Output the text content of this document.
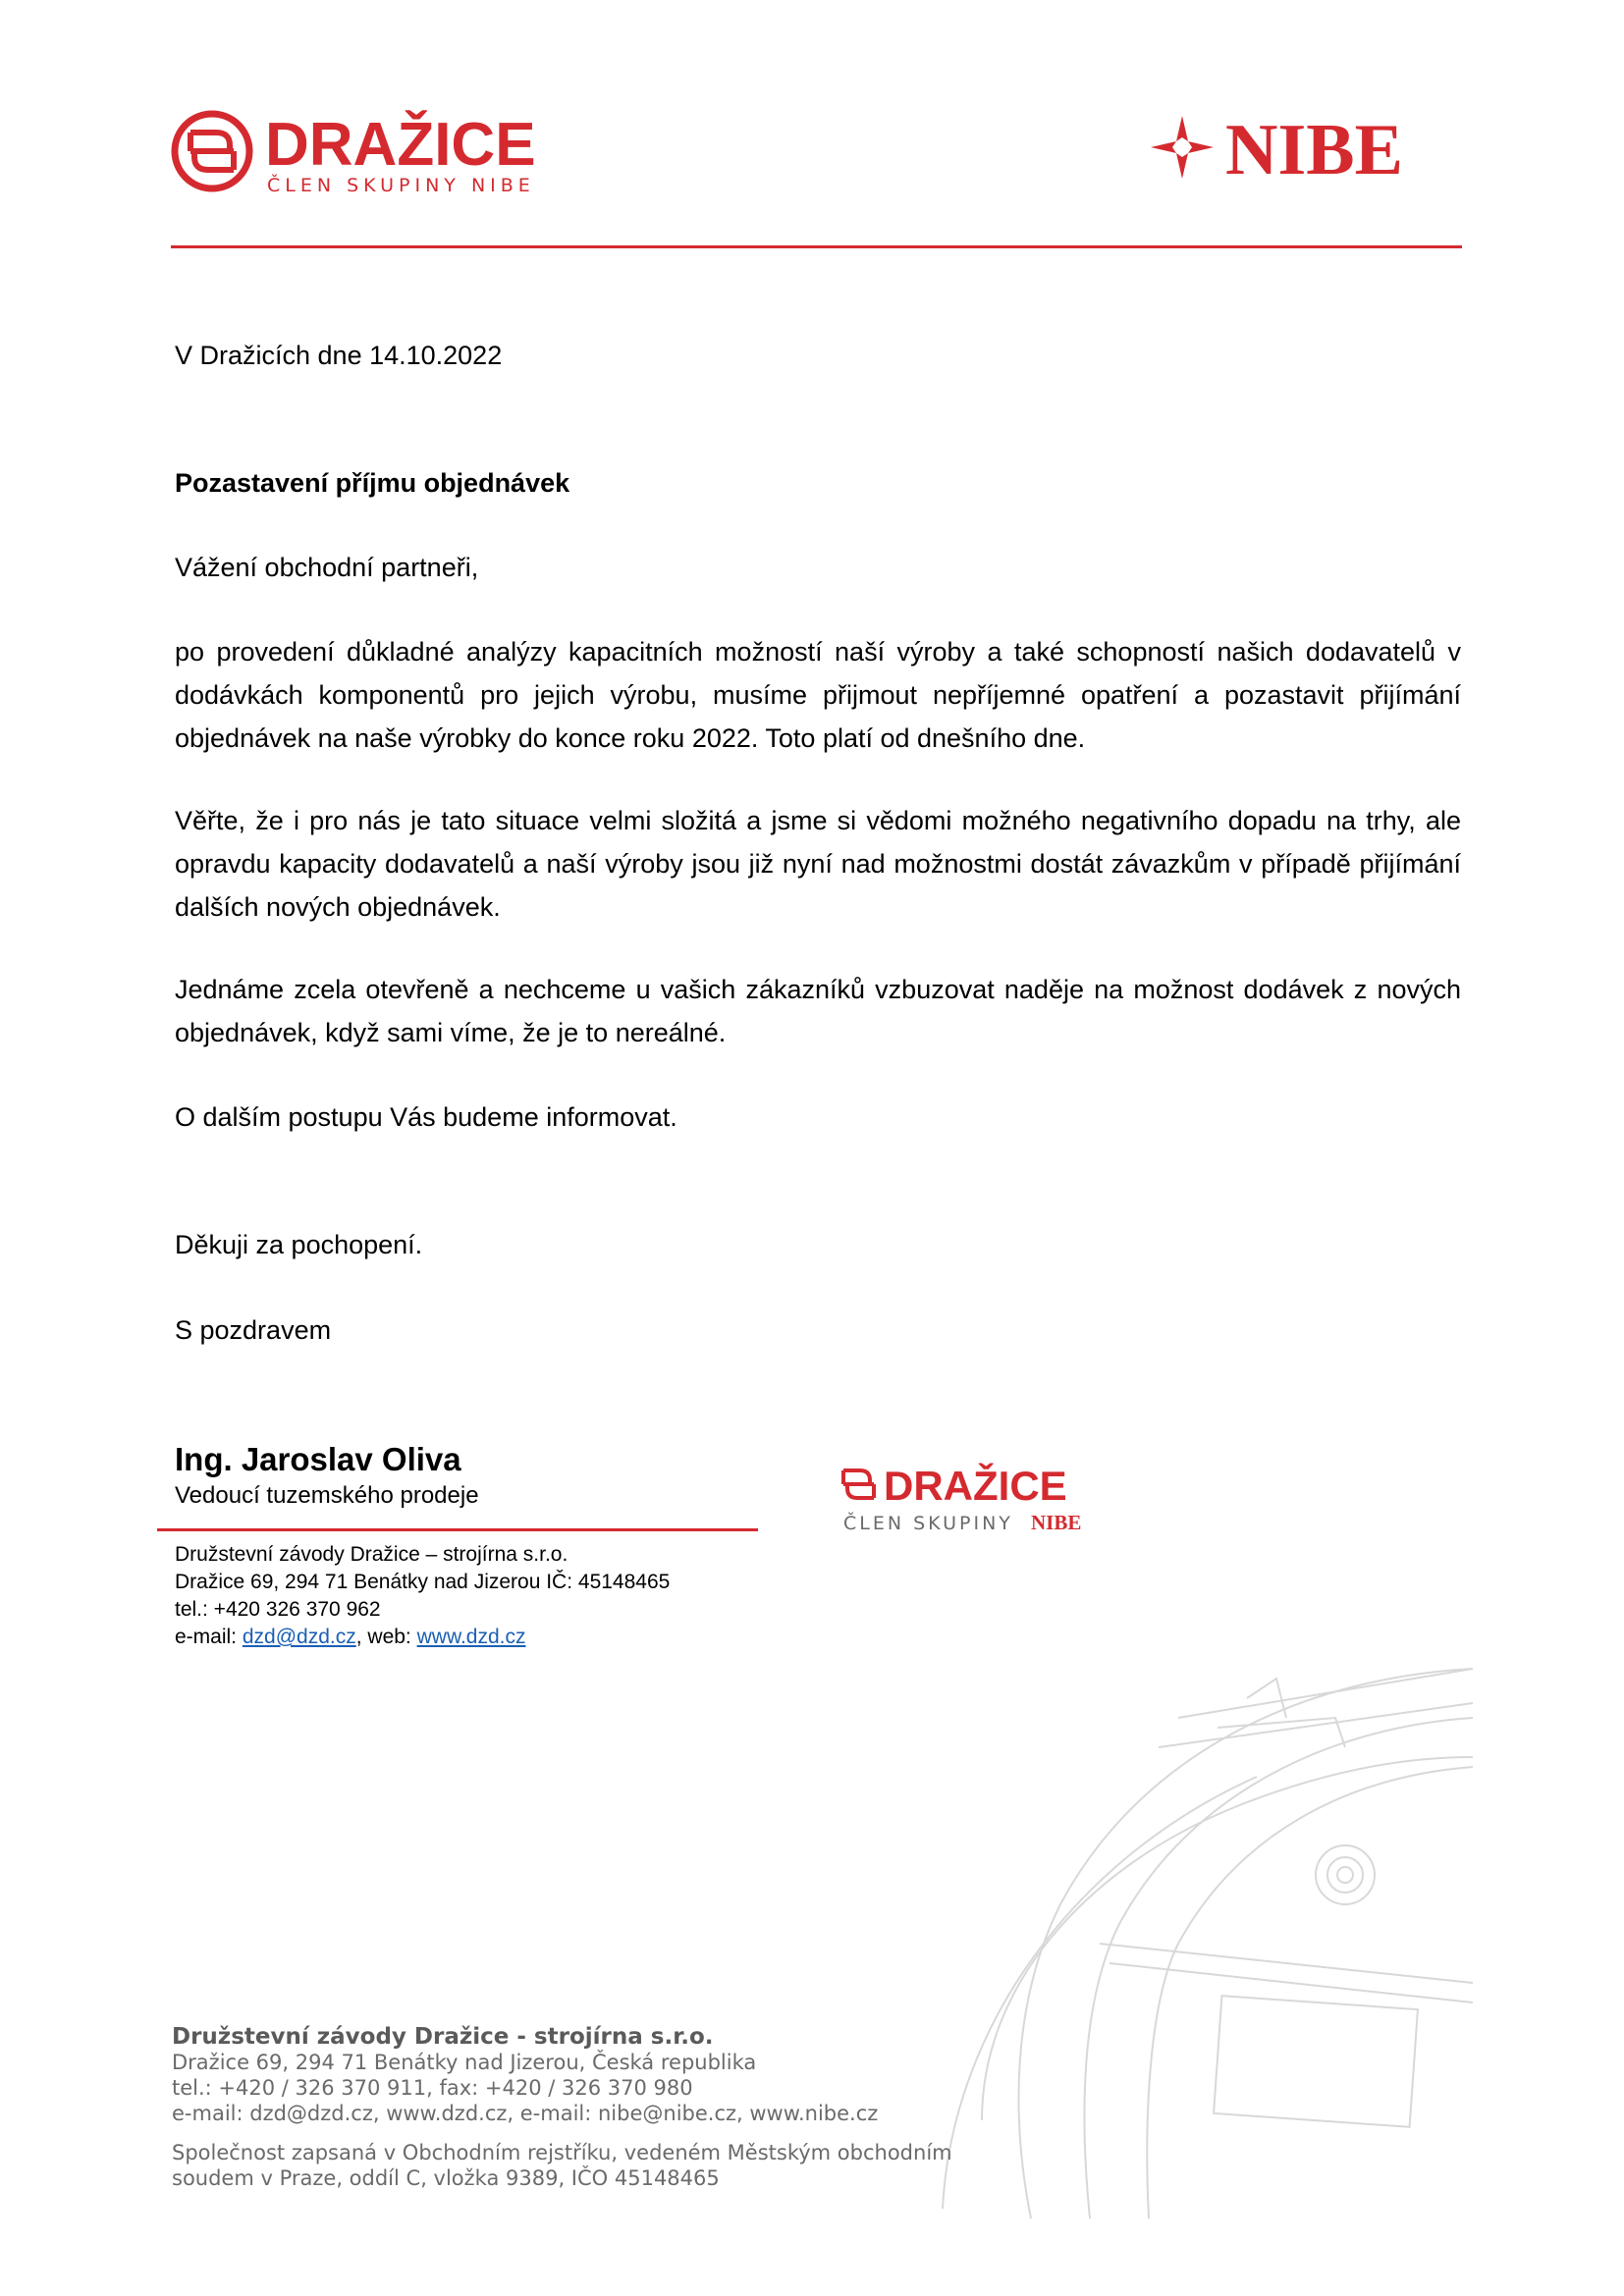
DRAŽICE
ČLEN SKUPINY NIBE	NIBE
V Dražicích dne 14.10.2022
Pozastavení příjmu objednávek
Vážení obchodní partneři,
po provedení důkladné analýzy kapacitních možností naší výroby a také schopností našich dodavatelů v dodávkách komponentů pro jejich výrobu, musíme přijmout nepříjemné opatření a pozastavit přijímání objednávek na naše výrobky do konce roku 2022. Toto platí od dnešního dne.
Věřte, že i pro nás je tato situace velmi složitá a jsme si vědomi možného negativního dopadu na trhy, ale opravdu kapacity dodavatelů a naší výroby jsou již nyní nad možnostmi dostát závazkům v případě přijímání dalších nových objednávek.
Jednáme zcela otevřeně a nechceme u vašich zákazníků vzbuzovat naděje na možnost dodávek z nových objednávek, když sami víme, že je to nereálné.
O dalším postupu Vás budeme informovat.
Děkuji za pochopení.
S pozdravem
Ing. Jaroslav Oliva
Vedoucí tuzemského prodeje
Družstevní závody Dražice – strojírna s.r.o.
Dražice 69, 294 71 Benátky nad Jizerou IČ: 45148465
tel.: +420 326 370 962
e-mail: dzd@dzd.cz, web: www.dzd.cz
DRAŽICE
ČLEN SKUPINY NIBE
Družstevní závody Dražice - strojírna s.r.o.
Dražice 69, 294 71 Benátky nad Jizerou, Česká republika
tel.: +420 / 326 370 911, fax: +420 / 326 370 980
e-mail: dzd@dzd.cz, www.dzd.cz, e-mail: nibe@nibe.cz, www.nibe.cz
Společnost zapsaná v Obchodním rejstříku, vedeném Městským obchodním
soudem v Praze, oddíl C, vložka 9389, IČO 45148465
